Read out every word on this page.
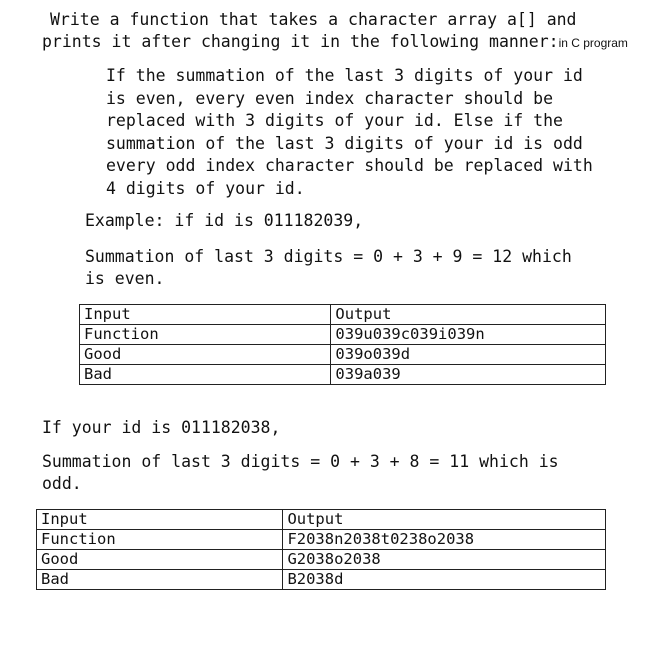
Write a function that takes a character array a[] and
prints it after changing it in the following manner:in C program
If the summation of the last 3 digits of your id
is even, every even index character should be
replaced with 3 digits of your id. Else if the
summation of the last 3 digits of your id is odd
every odd index character should be replaced with
4 digits of your id.
Example: if id is 011182039,
Summation of last 3 digits = 0 + 3 + 9 = 12 which
is even.
Input	Output
Function	039u039c039i039n
Good	039o039d
Bad	039a039
If your id is 011182038,
Summation of last 3 digits = 0 + 3 + 8 = 11 which is
odd.
Input	Output
Function	F2038n2038t0238o2038
Good	G2038o2038
Bad	B2038d
